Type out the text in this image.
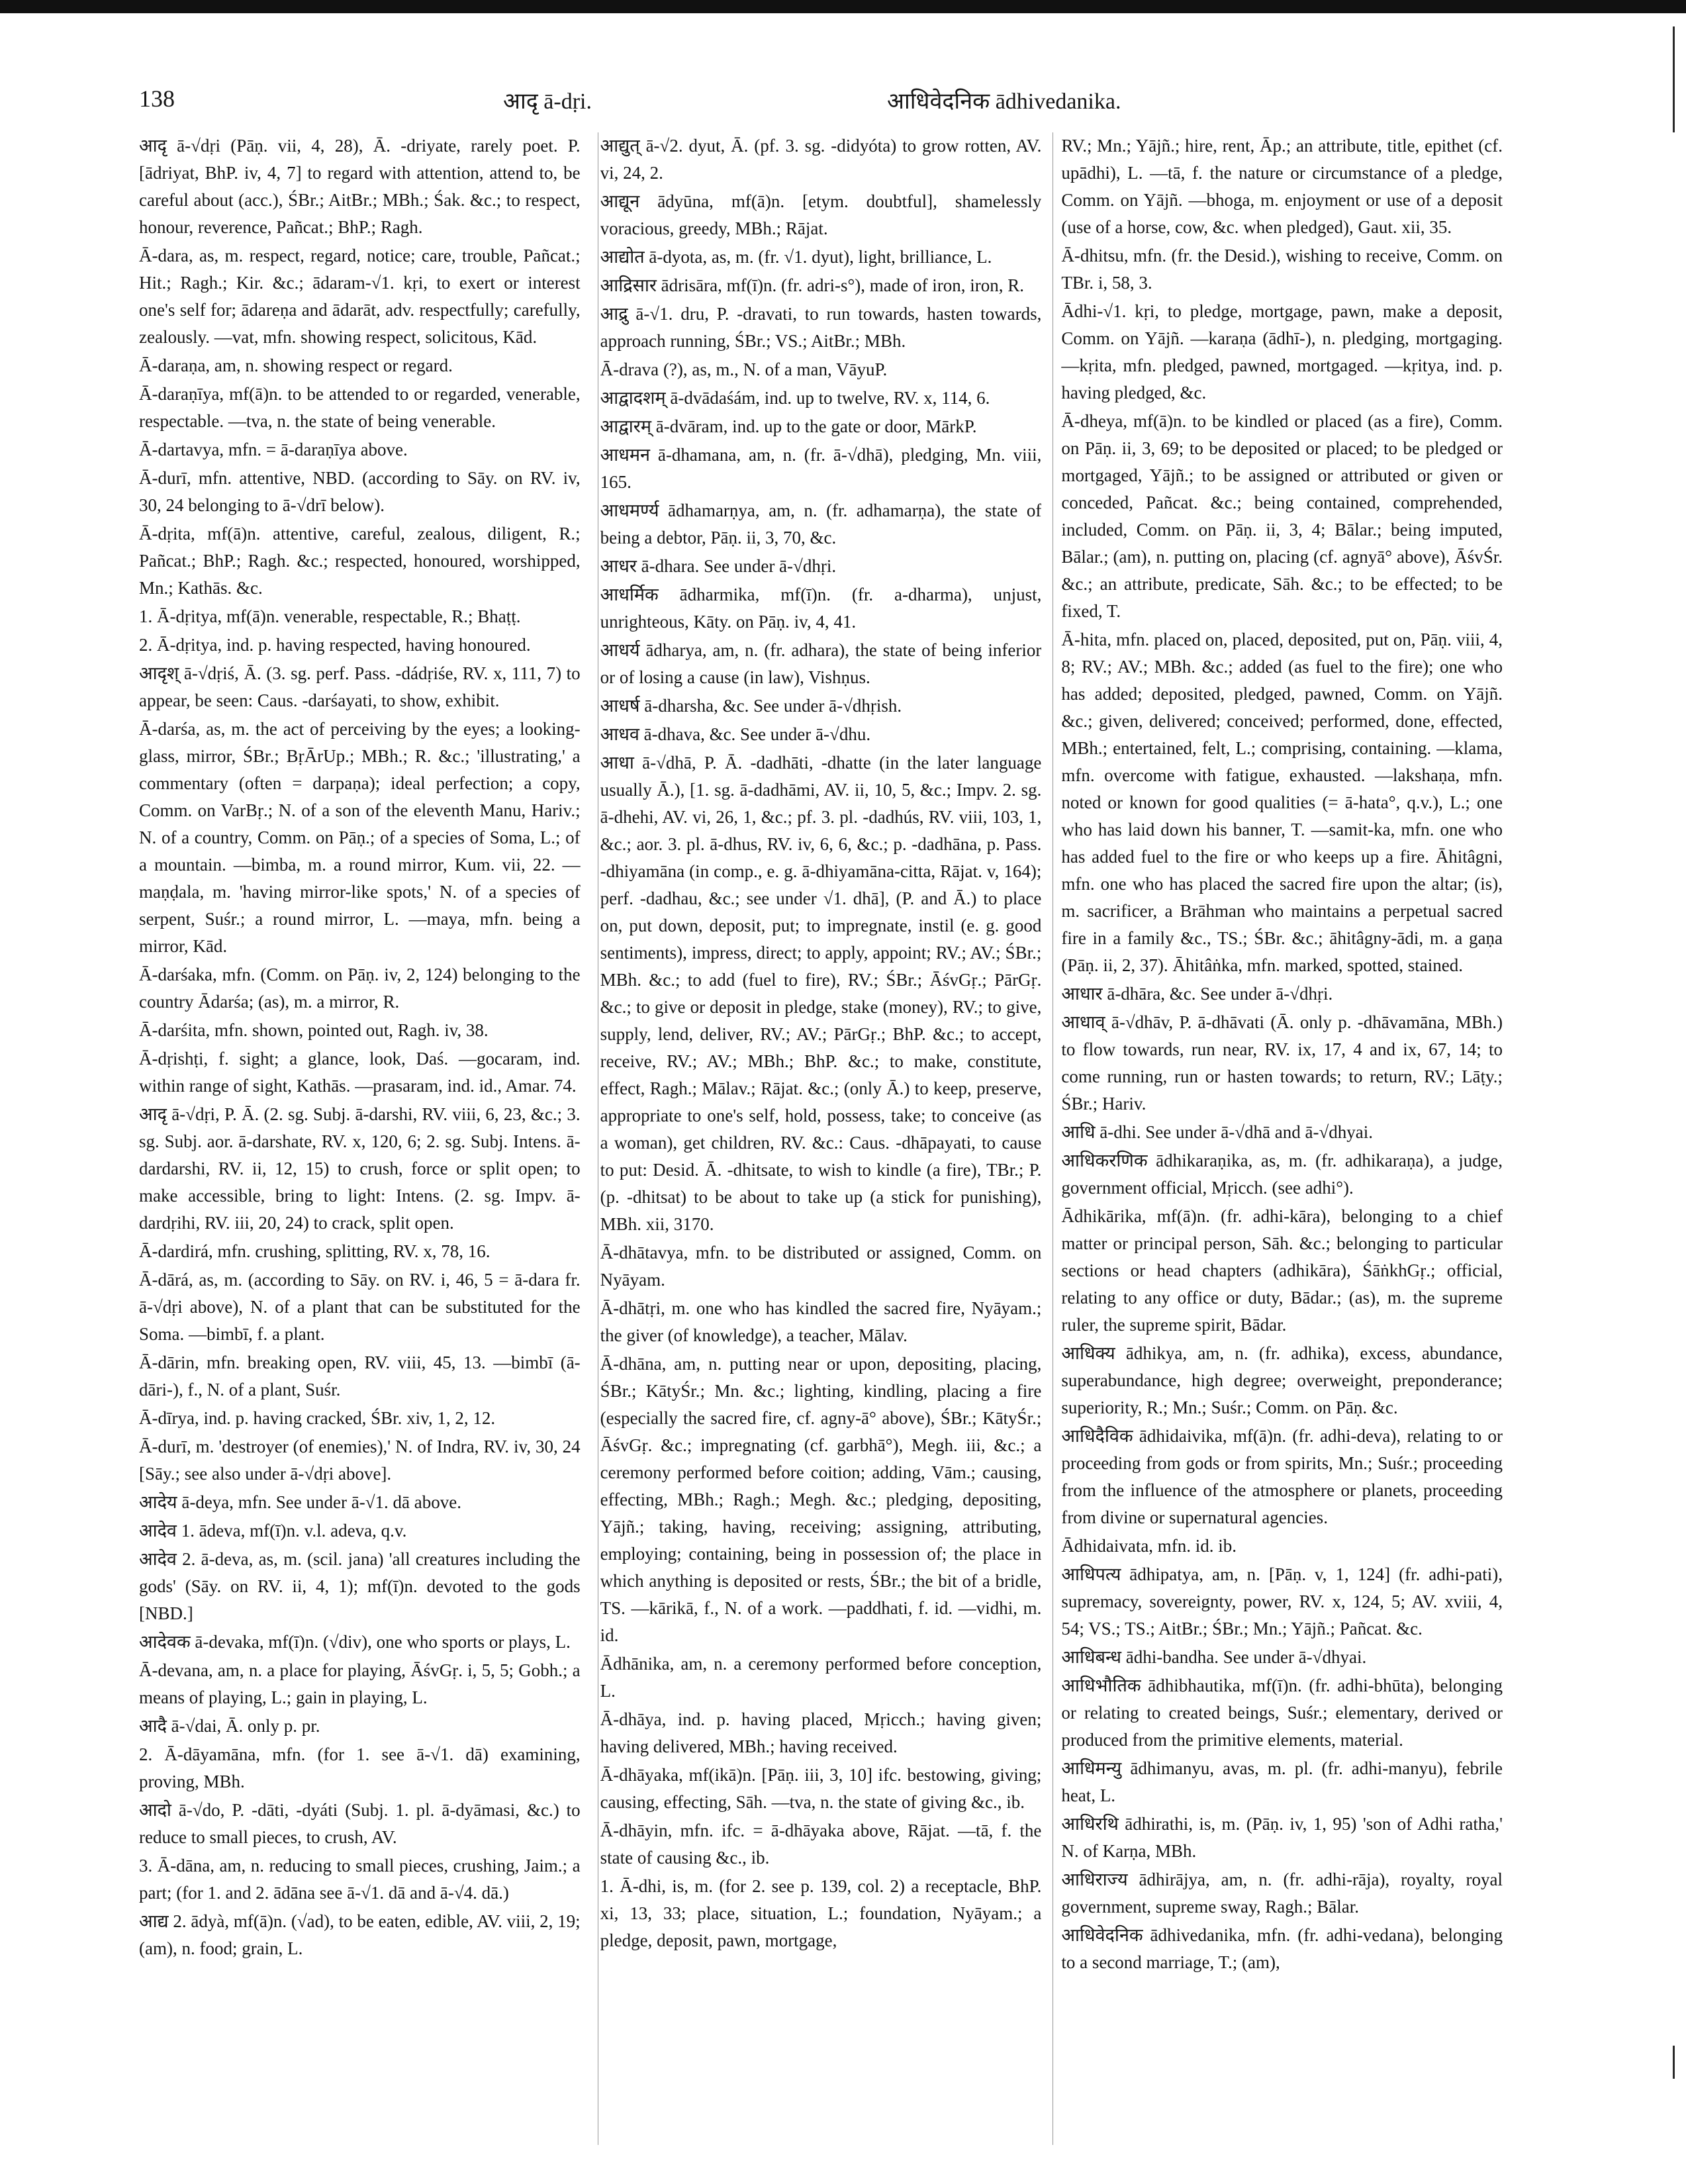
138	आदृ ā-dṛi.	आधिवेदनिक ādhivedanika.

आदृ ā-√dṛi (Pāṇ. vii, 4, 28), Ā. -driyate, rarely poet. P. [ādriyat, BhP. iv, 4, 7] to regard with attention, attend to, be careful about (acc.), ŚBr.; AitBr.; MBh.; Śak. &c.; to respect, honour, reverence, Pañcat.; BhP.; Ragh.

Ā-dara, as, m. respect, regard, notice; care, trouble, Pañcat.; Hit.; Ragh.; Kir. &c.; ādaram-√1. kṛi, to exert or interest one's self for; ādareṇa and ādarāt, adv. respectfully; carefully, zealously. —vat, mfn. showing respect, solicitous, Kād.

Ā-daraṇa, am, n. showing respect or regard.

Ā-daraṇīya, mf(ā)n. to be attended to or regarded, venerable, respectable. —tva, n. the state of being venerable.

Ā-dartavya, mfn. = ā-daraṇīya above.

Ā-durī, mfn. attentive, NBD. (according to Sāy. on RV. iv, 30, 24 belonging to ā-√drī below).

Ā-dṛita, mf(ā)n. attentive, careful, zealous, diligent, R.; Pañcat.; BhP.; Ragh. &c.; respected, honoured, worshipped, Mn.; Kathās. &c.

1. Ā-dṛitya, mf(ā)n. venerable, respectable, R.; Bhaṭṭ.

2. Ā-dṛitya, ind. p. having respected, having honoured.

आदृश् ā-√dṛiś, Ā. (3. sg. perf. Pass. -dádṛiśe, RV. x, 111, 7) to appear, be seen: Caus. -darśayati, to show, exhibit.

Ā-darśa, as, m. the act of perceiving by the eyes; a looking-glass, mirror, ŚBr.; BṛĀrUp.; MBh.; R. &c.; 'illustrating,' a commentary (often = darpaṇa); ideal perfection; a copy, Comm. on VarBṛ.; N. of a son of the eleventh Manu, Hariv.; N. of a country, Comm. on Pāṇ.; of a species of Soma, L.; of a mountain. —bimba, m. a round mirror, Kum. vii, 22. —maṇḍala, m. 'having mirror-like spots,' N. of a species of serpent, Suśr.; a round mirror, L. —maya, mfn. being a mirror, Kād.

Ā-darśaka, mfn. (Comm. on Pāṇ. iv, 2, 124) belonging to the country Ādarśa; (as), m. a mirror, R.

Ā-darśita, mfn. shown, pointed out, Ragh. iv, 38.

Ā-dṛishṭi, f. sight; a glance, look, Daś. —gocaram, ind. within range of sight, Kathās. —prasaram, ind. id., Amar. 74.

आदृ ā-√dṛi, P. Ā. (2. sg. Subj. ā-darshi, RV. viii, 6, 23, &c.; 3. sg. Subj. aor. ā-darshate, RV. x, 120, 6; 2. sg. Subj. Intens. ā-dardarshi, RV. ii, 12, 15) to crush, force or split open; to make accessible, bring to light: Intens. (2. sg. Impv. ā-dardṛihi, RV. iii, 20, 24) to crack, split open.

Ā-dardirá, mfn. crushing, splitting, RV. x, 78, 16.

Ā-dārá, as, m. (according to Sāy. on RV. i, 46, 5 = ā-dara fr. ā-√dṛi above), N. of a plant that can be substituted for the Soma. —bimbī, f. a plant.

Ā-dārin, mfn. breaking open, RV. viii, 45, 13. —bimbī (ā-dāri-), f., N. of a plant, Suśr.

Ā-dīrya, ind. p. having cracked, ŚBr. xiv, 1, 2, 12.

Ā-durī, m. 'destroyer (of enemies),' N. of Indra, RV. iv, 30, 24 [Sāy.; see also under ā-√dṛi above].

आदेय ā-deya, mfn. See under ā-√1. dā above.

आदेव 1. ādeva, mf(ī)n. v.l. adeva, q.v.

आदेव 2. ā-deva, as, m. (scil. jana) 'all creatures including the gods' (Sāy. on RV. ii, 4, 1); mf(ī)n. devoted to the gods [NBD.]

आदेवक ā-devaka, mf(ī)n. (√div), one who sports or plays, L.

Ā-devana, am, n. a place for playing, ĀśvGṛ. i, 5, 5; Gobh.; a means of playing, L.; gain in playing, L.

आदै ā-√dai, Ā. only p. pr.

2. Ā-dāyamāna, mfn. (for 1. see ā-√1. dā) examining, proving, MBh.

आदो ā-√do, P. -dāti, -dyáti (Subj. 1. pl. ā-dyāmasi, &c.) to reduce to small pieces, to crush, AV.

3. Ā-dāna, am, n. reducing to small pieces, crushing, Jaim.; a part; (for 1. and 2. ādāna see ā-√1. dā and ā-√4. dā.)

आद्य 2. ādyà, mf(ā)n. (√ad), to be eaten, edible, AV. viii, 2, 19; (am), n. food; grain, L.

आद्युत् ā-√2. dyut, Ā. (pf. 3. sg. -didyóta) to grow rotten, AV. vi, 24, 2.

आद्यून ādyūna, mf(ā)n. [etym. doubtful], shamelessly voracious, greedy, MBh.; Rājat.

आद्योत ā-dyota, as, m. (fr. √1. dyut), light, brilliance, L.

आद्रिसार ādrisāra, mf(ī)n. (fr. adri-s°), made of iron, iron, R.

आद्रु ā-√1. dru, P. -dravati, to run towards, hasten towards, approach running, ŚBr.; VS.; AitBr.; MBh.

Ā-drava (?), as, m., N. of a man, VāyuP.

आद्वादशम् ā-dvādaśám, ind. up to twelve, RV. x, 114, 6.

आद्वारम् ā-dvāram, ind. up to the gate or door, MārkP.

आधमन ā-dhamana, am, n. (fr. ā-√dhā), pledging, Mn. viii, 165.

आधमर्ण्य ādhamarṇya, am, n. (fr. adhamarṇa), the state of being a debtor, Pāṇ. ii, 3, 70, &c.

आधर ā-dhara. See under ā-√dhṛi.

आधर्मिक ādharmika, mf(ī)n. (fr. a-dharma), unjust, unrighteous, Kāty. on Pāṇ. iv, 4, 41.

आधर्य ādharya, am, n. (fr. adhara), the state of being inferior or of losing a cause (in law), Vishṇus.

आधर्ष ā-dharsha, &c. See under ā-√dhṛish.

आधव ā-dhava, &c. See under ā-√dhu.

आधा ā-√dhā, P. Ā. -dadhāti, -dhatte (in the later language usually Ā.), [1. sg. ā-dadhāmi, AV. ii, 10, 5, &c.; Impv. 2. sg. ā-dhehi, AV. vi, 26, 1, &c.; pf. 3. pl. -dadhús, RV. viii, 103, 1, &c.; aor. 3. pl. ā-dhus, RV. iv, 6, 6, &c.; p. -dadhāna, p. Pass. -dhiyamāna (in comp., e. g. ā-dhiyamāna-citta, Rājat. v, 164); perf. -dadhau, &c.; see under √1. dhā], (P. and Ā.) to place on, put down, deposit, put; to impregnate, instil (e. g. good sentiments), impress, direct; to apply, appoint; RV.; AV.; ŚBr.; MBh. &c.; to add (fuel to fire), RV.; ŚBr.; ĀśvGṛ.; PārGṛ. &c.; to give or deposit in pledge, stake (money), RV.; to give, supply, lend, deliver, RV.; AV.; PārGṛ.; BhP. &c.; to accept, receive, RV.; AV.; MBh.; BhP. &c.; to make, constitute, effect, Ragh.; Mālav.; Rājat. &c.; (only Ā.) to keep, preserve, appropriate to one's self, hold, possess, take; to conceive (as a woman), get children, RV. &c.: Caus. -dhāpayati, to cause to put: Desid. Ā. -dhitsate, to wish to kindle (a fire), TBr.; P. (p. -dhitsat) to be about to take up (a stick for punishing), MBh. xii, 3170.

Ā-dhātavya, mfn. to be distributed or assigned, Comm. on Nyāyam.

Ā-dhātṛi, m. one who has kindled the sacred fire, Nyāyam.; the giver (of knowledge), a teacher, Mālav.

Ā-dhāna, am, n. putting near or upon, depositing, placing, ŚBr.; KātyŚr.; Mn. &c.; lighting, kindling, placing a fire (especially the sacred fire, cf. agny-ā° above), ŚBr.; KātyŚr.; ĀśvGṛ. &c.; impregnating (cf. garbhā°), Megh. iii, &c.; a ceremony performed before coition; adding, Vām.; causing, effecting, MBh.; Ragh.; Megh. &c.; pledging, depositing, Yājñ.; taking, having, receiving; assigning, attributing, employing; containing, being in possession of; the place in which anything is deposited or rests, ŚBr.; the bit of a bridle, TS. —kārikā, f., N. of a work. —paddhati, f. id. —vidhi, m. id.

Ādhānika, am, n. a ceremony performed before conception, L.

Ā-dhāya, ind. p. having placed, Mṛicch.; having given; having delivered, MBh.; having received.

Ā-dhāyaka, mf(ikā)n. [Pāṇ. iii, 3, 10] ifc. bestowing, giving; causing, effecting, Sāh. —tva, n. the state of giving &c., ib.

Ā-dhāyin, mfn. ifc. = ā-dhāyaka above, Rājat. —tā, f. the state of causing &c., ib.

1. Ā-dhi, is, m. (for 2. see p. 139, col. 2) a receptacle, BhP. xi, 13, 33; place, situation, L.; foundation, Nyāyam.; a pledge, deposit, pawn, mortgage,

RV.; Mn.; Yājñ.; hire, rent, Āp.; an attribute, title, epithet (cf. upādhi), L. —tā, f. the nature or circumstance of a pledge, Comm. on Yājñ. —bhoga, m. enjoyment or use of a deposit (use of a horse, cow, &c. when pledged), Gaut. xii, 35.

Ā-dhitsu, mfn. (fr. the Desid.), wishing to receive, Comm. on TBr. i, 58, 3.

Ādhi-√1. kṛi, to pledge, mortgage, pawn, make a deposit, Comm. on Yājñ. —karaṇa (ādhī-), n. pledging, mortgaging. —kṛita, mfn. pledged, pawned, mortgaged. —kṛitya, ind. p. having pledged, &c.

Ā-dheya, mf(ā)n. to be kindled or placed (as a fire), Comm. on Pāṇ. ii, 3, 69; to be deposited or placed; to be pledged or mortgaged, Yājñ.; to be assigned or attributed or given or conceded, Pañcat. &c.; being contained, comprehended, included, Comm. on Pāṇ. ii, 3, 4; Bālar.; being imputed, Bālar.; (am), n. putting on, placing (cf. agnyā° above), ĀśvŚr. &c.; an attribute, predicate, Sāh. &c.; to be effected; to be fixed, T.

Ā-hita, mfn. placed on, placed, deposited, put on, Pāṇ. viii, 4, 8; RV.; AV.; MBh. &c.; added (as fuel to the fire); one who has added; deposited, pledged, pawned, Comm. on Yājñ. &c.; given, delivered; conceived; performed, done, effected, MBh.; entertained, felt, L.; comprising, containing. —klama, mfn. overcome with fatigue, exhausted. —lakshaṇa, mfn. noted or known for good qualities (= ā-hata°, q.v.), L.; one who has laid down his banner, T. —samit-ka, mfn. one who has added fuel to the fire or who keeps up a fire. Āhitâgni, mfn. one who has placed the sacred fire upon the altar; (is), m. sacrificer, a Brāhman who maintains a perpetual sacred fire in a family &c., TS.; ŚBr. &c.; āhitâgny-ādi, m. a gaṇa (Pāṇ. ii, 2, 37). Āhitâṅka, mfn. marked, spotted, stained.

आधार ā-dhāra, &c. See under ā-√dhṛi.

आधाव् ā-√dhāv, P. ā-dhāvati (Ā. only p. -dhāvamāna, MBh.) to flow towards, run near, RV. ix, 17, 4 and ix, 67, 14; to come running, run or hasten towards; to return, RV.; Lāṭy.; ŚBr.; Hariv.

आधि ā-dhi. See under ā-√dhā and ā-√dhyai.

आधिकरणिक ādhikaraṇika, as, m. (fr. adhikaraṇa), a judge, government official, Mṛicch. (see adhi°).

Ādhikārika, mf(ā)n. (fr. adhi-kāra), belonging to a chief matter or principal person, Sāh. &c.; belonging to particular sections or head chapters (adhikāra), ŚāṅkhGṛ.; official, relating to any office or duty, Bādar.; (as), m. the supreme ruler, the supreme spirit, Bādar.

आधिक्य ādhikya, am, n. (fr. adhika), excess, abundance, superabundance, high degree; overweight, preponderance; superiority, R.; Mn.; Suśr.; Comm. on Pāṇ. &c.

आधिदैविक ādhidaivika, mf(ā)n. (fr. adhi-deva), relating to or proceeding from gods or from spirits, Mn.; Suśr.; proceeding from the influence of the atmosphere or planets, proceeding from divine or supernatural agencies.

Ādhidaivata, mfn. id. ib.

आधिपत्य ādhipatya, am, n. [Pāṇ. v, 1, 124] (fr. adhi-pati), supremacy, sovereignty, power, RV. x, 124, 5; AV. xviii, 4, 54; VS.; TS.; AitBr.; ŚBr.; Mn.; Yājñ.; Pañcat. &c.

आधिबन्ध ādhi-bandha. See under ā-√dhyai.

आधिभौतिक ādhibhautika, mf(ī)n. (fr. adhi-bhūta), belonging or relating to created beings, Suśr.; elementary, derived or produced from the primitive elements, material.

आधिमन्यु ādhimanyu, avas, m. pl. (fr. adhi-manyu), febrile heat, L.

आधिरथि ādhirathi, is, m. (Pāṇ. iv, 1, 95) 'son of Adhi ratha,' N. of Karṇa, MBh.

आधिराज्य ādhirājya, am, n. (fr. adhi-rāja), royalty, royal government, supreme sway, Ragh.; Bālar.

आधिवेदनिक ādhivedanika, mfn. (fr. adhi-vedana), belonging to a second marriage, T.; (am),
